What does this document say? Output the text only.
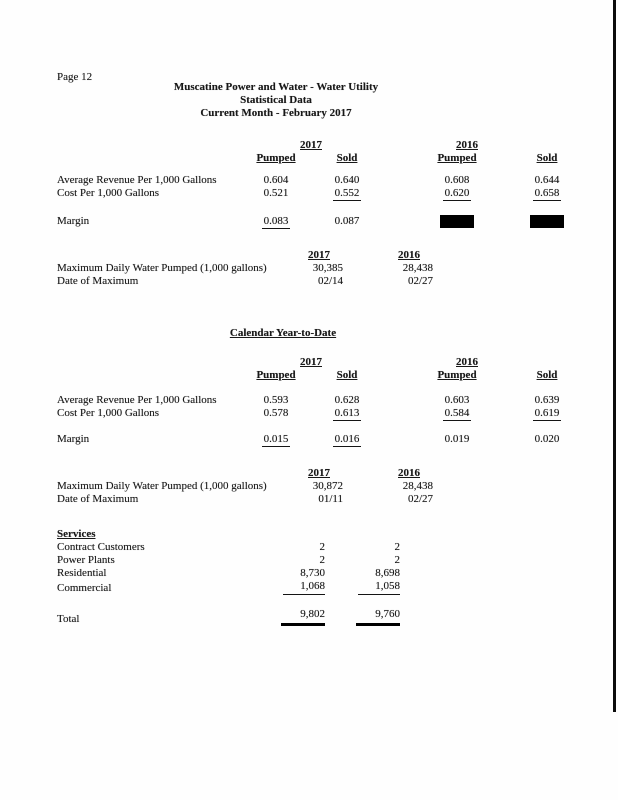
Page 12
Muscatine Power and Water - Water Utility
Statistical Data
Current Month - February 2017
2017	2016
Pumped	Sold	Pumped	Sold
Average Revenue Per 1,000 Gallons	0.604	0.640	0.608	0.644
Cost Per 1,000 Gallons	0.521	0.552	0.620	0.658
Margin	0.083	0.087
2017	2016
Maximum Daily Water Pumped (1,000 gallons)	30,385	28,438
Date of Maximum	02/14	02/27
Calendar Year-to-Date
2017	2016
Pumped	Sold	Pumped	Sold
Average Revenue Per 1,000 Gallons	0.593	0.628	0.603	0.639
Cost Per 1,000 Gallons	0.578	0.613	0.584	0.619
Margin	0.015	0.016	0.019	0.020
2017	2016
Maximum Daily Water Pumped (1,000 gallons)	30,872	28,438
Date of Maximum	01/11	02/27
Services
Contract Customers	2	2
Power Plants	2	2
Residential	8,730	8,698
Commercial	1,068	1,058
Total	9,802	9,760
